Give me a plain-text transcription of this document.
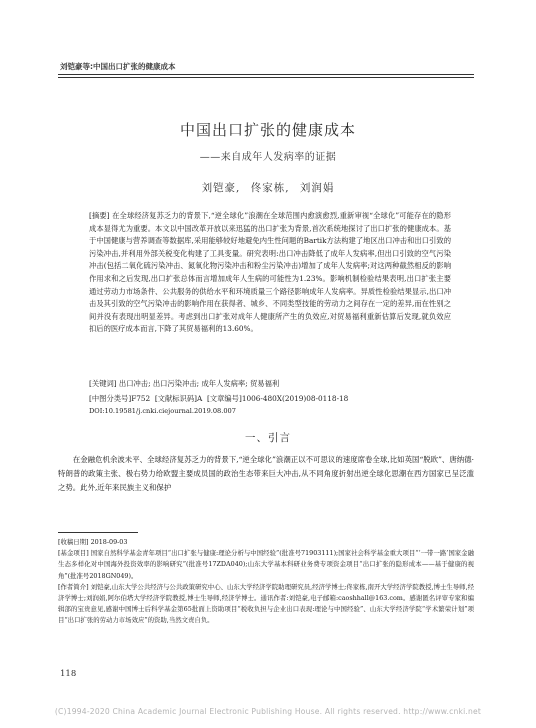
刘铠豪等:中国出口扩张的健康成本
中国出口扩张的健康成本
——来自成年人发病率的证据
刘铠豪, 佟家栋, 刘润娟

[摘要] 在全球经济复苏乏力的背景下,“逆全球化”浪潮在全球范围内愈演愈烈,重新审视“全球化”可能存在的隐形成本显得尤为重要。本文以中国改革开放以来迅猛的出口扩张为背景,首次系统地探讨了出口扩张的健康成本。基于中国健康与营养调查等数据库,采用能够较好地避免内生性问题的Bartik方法构建了地区出口冲击和出口引致的污染冲击,并利用外部关税变化构建了工具变量。研究表明:出口冲击降低了成年人发病率,但出口引致的空气污染冲击(包括二氧化硫污染冲击、氮氧化物污染冲击和粉尘污染冲击)增加了成年人发病率;对这两种截然相反的影响作用求和之后发现,出口扩张总体而言增加成年人生病的可能性为1.23%。影响机制检验结果表明,出口扩张主要通过劳动力市场条件、公共服务的供给水平和环境质量三个路径影响成年人发病率。异质性检验结果显示,出口冲击及其引致的空气污染冲击的影响作用在获得者、城乡、不同类型技能的劳动力之间存在一定的差异,而在性别之间并没有表现出明显差异。考虑到出口扩张对成年人健康所产生的负效应,对贸易福利重新估算后发现,就负效应扣后的医疗成本而言,下降了其贸易福利的13.60%。

[关键词] 出口冲击; 出口污染冲击; 成年人发病率; 贸易福利

[中图分类号]F752 [文献标识码]A [文章编号]1006-480X(2019)08-0118-18

DOI:10.19581/j.cnki.ciejournal.2019.08.007

一、引言

在金融危机余波未平、全球经济复苏乏力的背景下,“逆全球化”浪潮正以不可思议的速度席卷全球,比如英国“脱欧”、唐纳德·特朗普的政策主张、极右势力给欧盟主要成员国的政治生态带来巨大冲击,从不同角度折射出逆全球化思潮在西方国家已呈泛滥之势。此外,近年来民族主义和保护

[收稿日期] 2018-09-03

[基金项目] 国家自然科学基金青年项目“出口扩张与健康:理论分析与中国经验”(批准号71903111);国家社会科学基金重大项目“‘一带一路’国家金融生态多样化对中国海外投资效率的影响研究”(批准号17ZDA040);山东大学基本科研业务费专项资金项目“出口扩张的隐形成本——基于健康的视角”(批准号2018GN049)。

[作者简介] 刘铠豪,山东大学公共经济与公共政策研究中心、山东大学经济学院助理研究员,经济学博士;佟家栋,南开大学经济学院教授,博士生导师,经济学博士;刘润娟,阿尔伯塔大学经济学院教授,博士生导师,经济学博士。通讯作者:刘铠豪,电子邮箱:caoshhall@163.com。感谢匿名评审专家和编辑部的宝贵意见,感谢中国博士后科学基金第65批面上资助项目“税收负担与企业出口表现:理论与中国经验”、山东大学经济学院“学术繁荣计划”项目“出口扩张的劳动力市场效应”的资助,当然文责自负。

118
(C)1994-2020 China Academic Journal Electronic Publishing House. All rights reserved. http://www.cnki.net
